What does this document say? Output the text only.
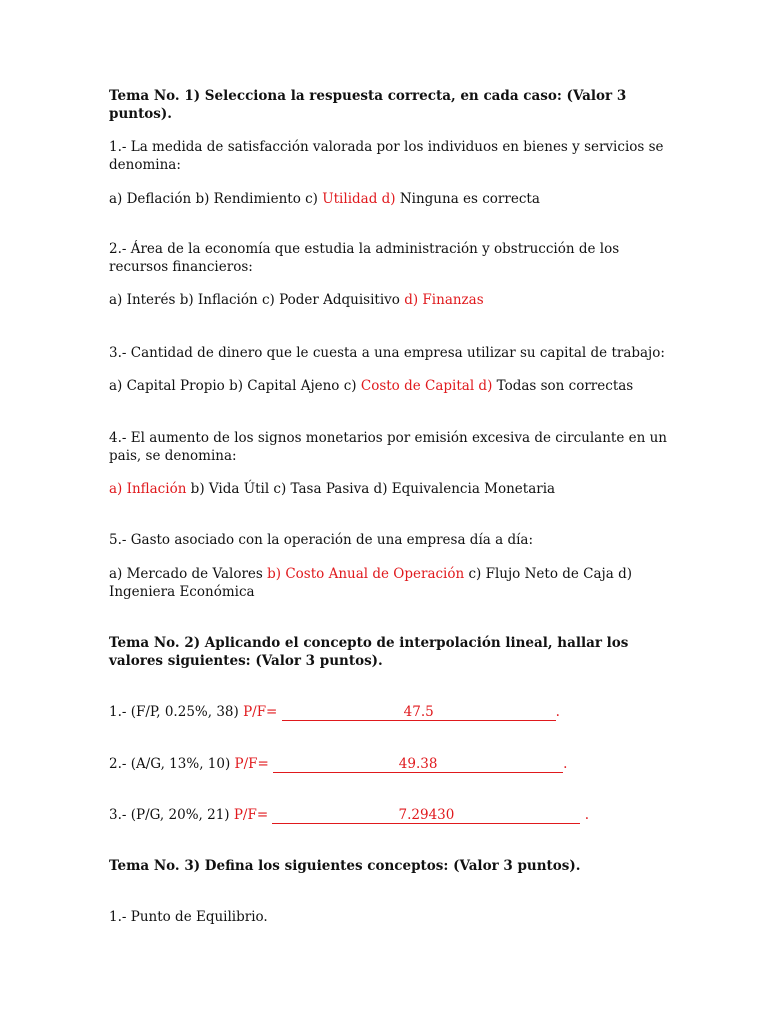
Tema No. 1) Selecciona la respuesta correcta, en cada caso: (Valor 3 puntos).
1.- La medida de satisfacción valorada por los individuos en bienes y servicios se denomina:
a) Deflación b) Rendimiento c) Utilidad d) Ninguna es correcta
2.- Área de la economía que estudia la administración y obstrucción de los recursos financieros:
a) Interés b) Inflación c) Poder Adquisitivo d) Finanzas
3.- Cantidad de dinero que le cuesta a una empresa utilizar su capital de trabajo:
a) Capital Propio b) Capital Ajeno c) Costo de Capital d) Todas son correctas
4.- El aumento de los signos monetarios por emisión excesiva de circulante en un pais, se denomina:
a) Inflación b) Vida Útil c) Tasa Pasiva d) Equivalencia Monetaria
5.- Gasto asociado con la operación de una empresa día a día:
a) Mercado de Valores b) Costo Anual de Operación c) Flujo Neto de Caja d) Ingeniera Económica
Tema No. 2) Aplicando el concepto de interpolación lineal, hallar los valores siguientes: (Valor 3 puntos).
1.- (F/P, 0.25%, 38) P/F=	47.5	.
2.- (A/G, 13%, 10) P/F=	49.38	.
3.- (P/G, 20%, 21) P/F=	7.29430	.
Tema No. 3) Defina los siguientes conceptos: (Valor 3 puntos).
1.- Punto de Equilibrio.
